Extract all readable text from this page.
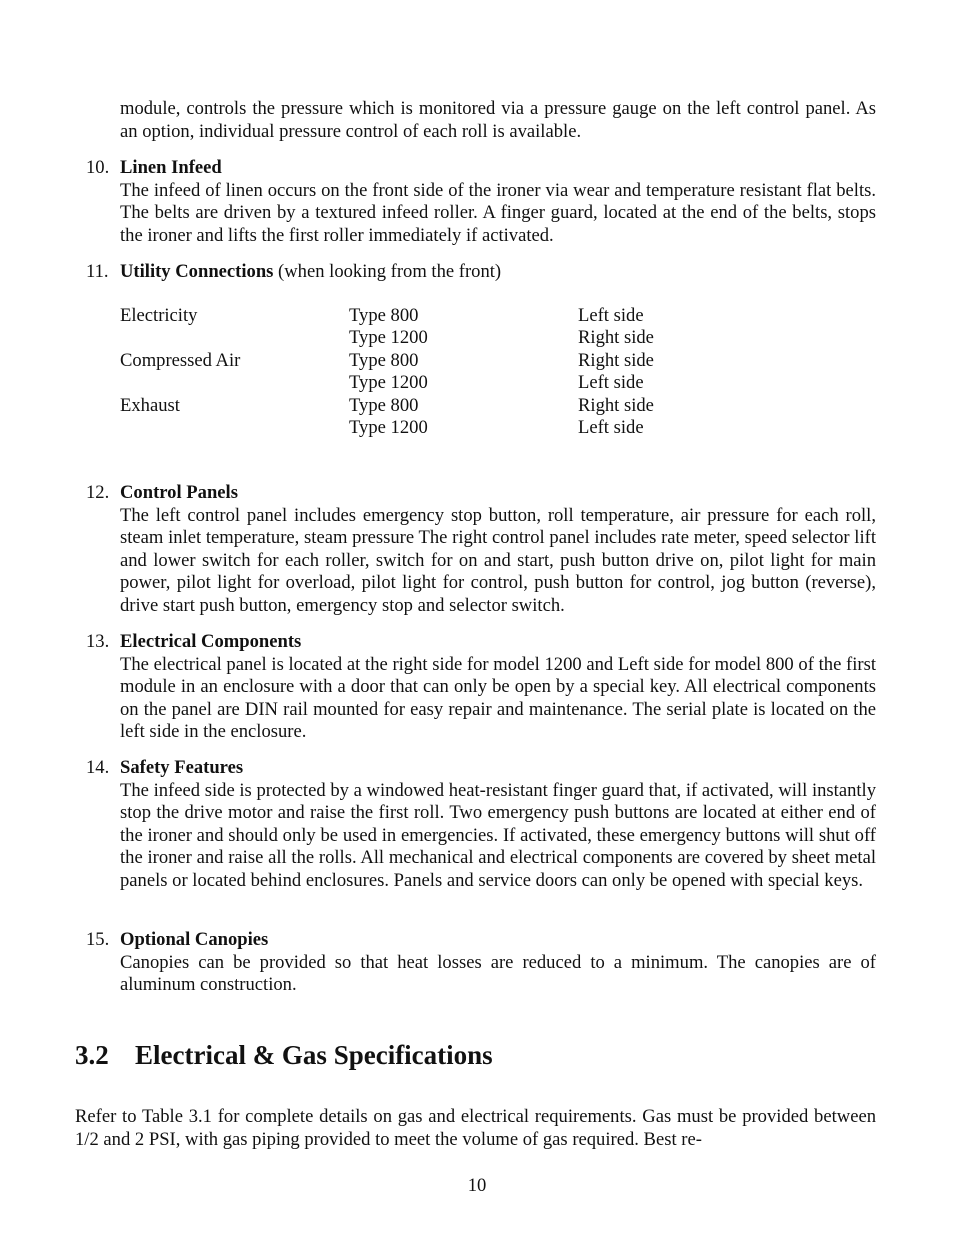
module, controls the pressure which is monitored via a pressure gauge on the left control panel. As an option, individual pressure control of each roll is available.

10. Linen Infeed

The infeed of linen occurs on the front side of the ironer via wear and temperature resistant flat belts. The belts are driven by a textured infeed roller. A finger guard, located at the end of the belts, stops the ironer and lifts the first roller immediately if activated.

11. Utility Connections (when looking from the front)
Electricity	Type 800	Left side
	Type 1200	Right side
Compressed Air	Type 800	Right side
	Type 1200	Left side
Exhaust	Type 800	Right side
	Type 1200	Left side
12. Control Panels

The left control panel includes emergency stop button, roll temperature, air pressure for each roll, steam inlet temperature, steam pressure The right control panel includes rate meter, speed selector lift and lower switch for each roller, switch for on and start, push button drive on, pilot light for main power, pilot light for overload, pilot light for control, push button for control, jog button (reverse), drive start push button, emergency stop and selector switch.

13. Electrical Components

The electrical panel is located at the right side for model 1200 and Left side for model 800 of the first module in an enclosure with a door that can only be open by a special key. All electrical components on the panel are DIN rail mounted for easy repair and maintenance. The serial plate is located on the left side in the enclosure.

14. Safety Features

The infeed side is protected by a windowed heat-resistant finger guard that, if activated, will instantly stop the drive motor and raise the first roll. Two emergency push buttons are located at either end of the ironer and should only be used in emergencies. If activated, these emergency buttons will shut off the ironer and raise all the rolls. All mechanical and electrical components are covered by sheet metal panels or located behind enclosures. Panels and service doors can only be opened with special keys.

15. Optional Canopies

Canopies can be provided so that heat losses are reduced to a minimum. The canopies are of aluminum construction.

3.2 Electrical & Gas Specifications

Refer to Table 3.1 for complete details on gas and electrical requirements. Gas must be provided between 1/2 and 2 PSI, with gas piping provided to meet the volume of gas required. Best re-

10
